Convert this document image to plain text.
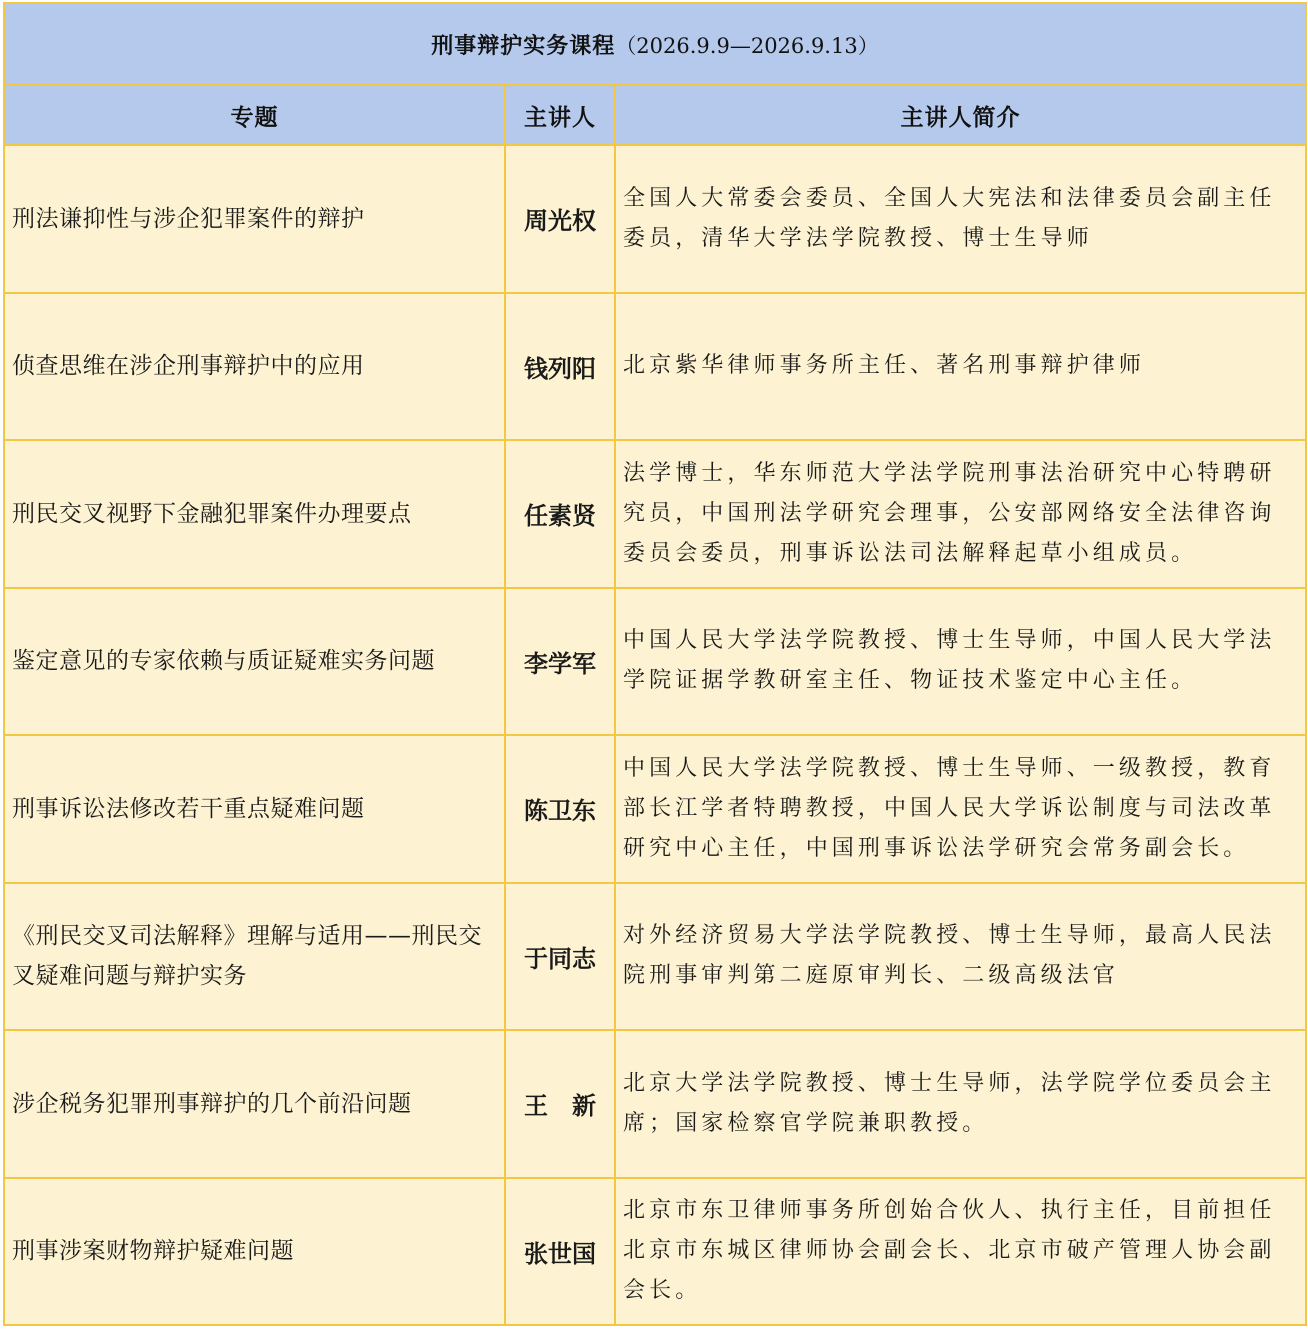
刑事辩护实务课程（2026.9.9—2026.9.13）		
专题	主讲人	主讲人简介
刑法谦抑性与涉企犯罪案件的辩护	周光权	全国人大常委会委员、全国人大宪法和法律委员会副主任委员，清华大学法学院教授、博士生导师
侦查思维在涉企刑事辩护中的应用	钱列阳	北京紫华律师事务所主任、著名刑事辩护律师
刑民交叉视野下金融犯罪案件办理要点	任素贤	法学博士，华东师范大学法学院刑事法治研究中心特聘研究员，中国刑法学研究会理事，公安部网络安全法律咨询委员会委员，刑事诉讼法司法解释起草小组成员。
鉴定意见的专家依赖与质证疑难实务问题	李学军	中国人民大学法学院教授、博士生导师，中国人民大学法学院证据学教研室主任、物证技术鉴定中心主任。
刑事诉讼法修改若干重点疑难问题	陈卫东	中国人民大学法学院教授、博士生导师、一级教授，教育部长江学者特聘教授，中国人民大学诉讼制度与司法改革研究中心主任，中国刑事诉讼法学研究会常务副会长。
《刑民交叉司法解释》理解与适用——刑民交叉疑难问题与辩护实务	于同志	对外经济贸易大学法学院教授、博士生导师，最高人民法院刑事审判第二庭原审判长、二级高级法官
涉企税务犯罪刑事辩护的几个前沿问题	王　新	北京大学法学院教授、博士生导师，法学院学位委员会主席；国家检察官学院兼职教授。
刑事涉案财物辩护疑难问题	张世国	北京市东卫律师事务所创始合伙人、执行主任，目前担任北京市东城区律师协会副会长、北京市破产管理人协会副会长。
